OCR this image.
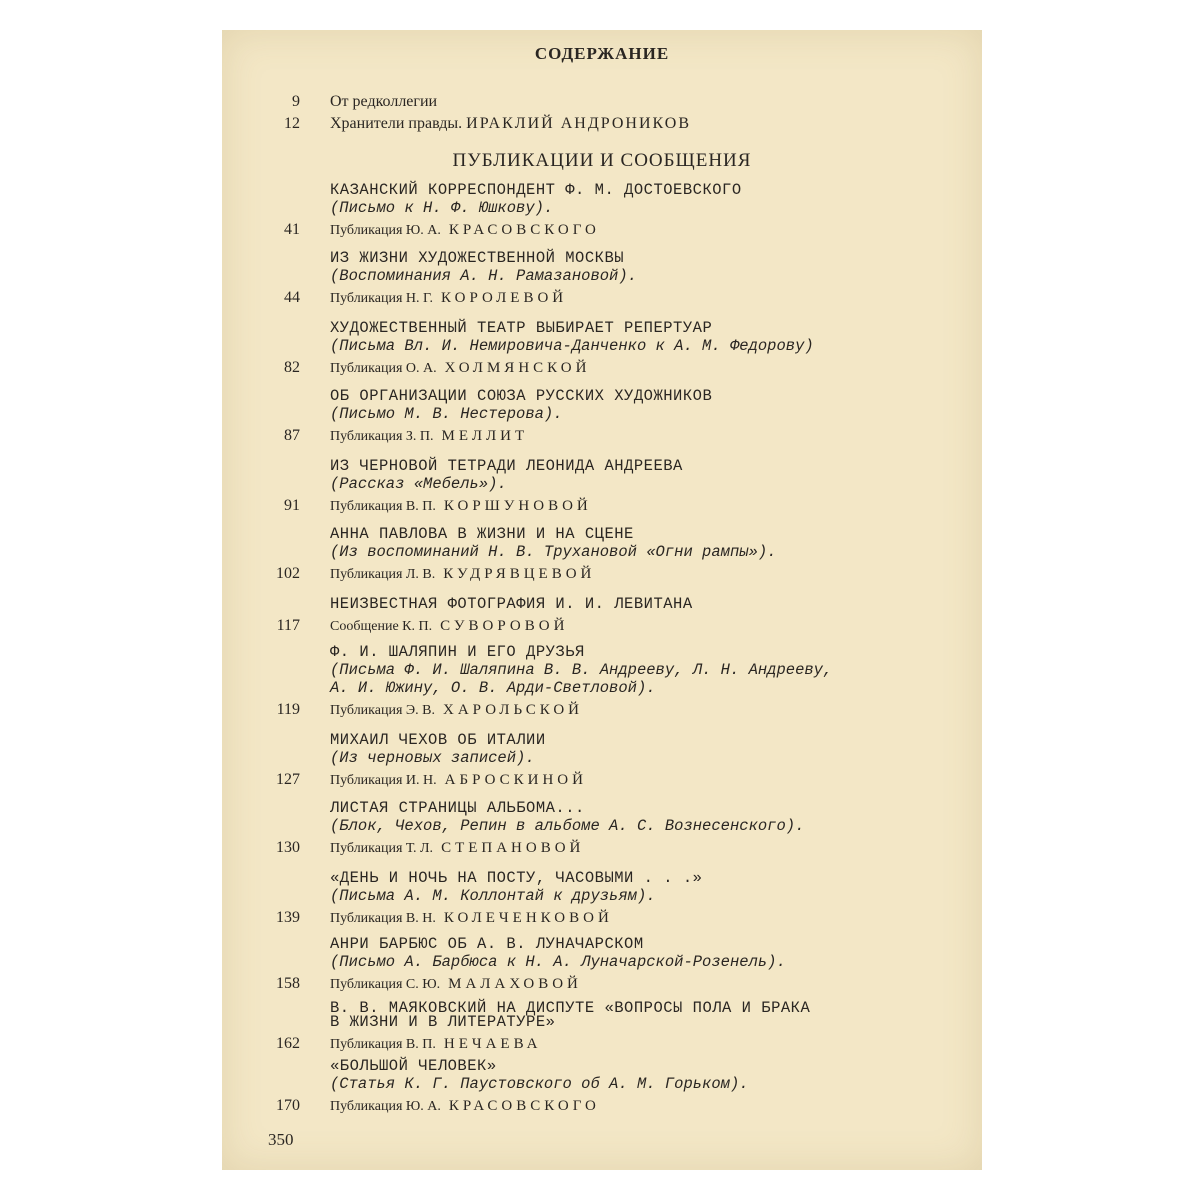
СОДЕРЖАНИЕ
9 От редколлегии
12 Хранители правды. ИРАКЛИЙ АНДРОНИКОВ
ПУБЛИКАЦИИ И СООБЩЕНИЯ
КАЗАНСКИЙ КОРРЕСПОНДЕНТ Ф. М. ДОСТОЕВСКОГО
(Письмо к Н. Ф. Юшкову).
41 Публикация Ю. А. КРАСОВСКОГО
ИЗ ЖИЗНИ ХУДОЖЕСТВЕННОЙ МОСКВЫ
(Воспоминания А. Н. Рамазановой).
44 Публикация Н. Г. КОРОЛЕВОЙ
ХУДОЖЕСТВЕННЫЙ ТЕАТР ВЫБИРАЕТ РЕПЕРТУАР
(Письма Вл. И. Немировича-Данченко к А. М. Федорову)
82 Публикация О. А. ХОЛМЯНСКОЙ
ОБ ОРГАНИЗАЦИИ СОЮЗА РУССКИХ ХУДОЖНИКОВ
(Письмо М. В. Нестерова).
87 Публикация З. П. МЕЛЛИТ
ИЗ ЧЕРНОВОЙ ТЕТРАДИ ЛЕОНИДА АНДРЕЕВА
(Рассказ «Мебель»).
91 Публикация В. П. КОРШУНОВОЙ
АННА ПАВЛОВА В ЖИЗНИ И НА СЦЕНЕ
(Из воспоминаний Н. В. Трухановой «Огни рампы»).
102 Публикация Л. В. КУДРЯВЦЕВОЙ
НЕИЗВЕСТНАЯ ФОТОГРАФИЯ И. И. ЛЕВИТАНА
117 Сообщение К. П. СУВОРОВОЙ
Ф. И. ШАЛЯПИН И ЕГО ДРУЗЬЯ
(Письма Ф. И. Шаляпина В. В. Андрееву, Л. Н. Андрееву,
А. И. Южину, О. В. Арди-Светловой).
119 Публикация Э. В. ХАРОЛЬСКОЙ
МИХАИЛ ЧЕХОВ ОБ ИТАЛИИ
(Из черновых записей).
127 Публикация И. Н. АБРОСКИНОЙ
ЛИСТАЯ СТРАНИЦЫ АЛЬБОМА...
(Блок, Чехов, Репин в альбоме А. С. Вознесенского).
130 Публикация Т. Л. СТЕПАНОВОЙ
«ДЕНЬ И НОЧЬ НА ПОСТУ, ЧАСОВЫМИ . . .»
(Письма А. М. Коллонтай к друзьям).
139 Публикация В. Н. КОЛЕЧЕНКОВОЙ
АНРИ БАРБЮС ОБ А. В. ЛУНАЧАРСКОМ
(Письмо А. Барбюса к Н. А. Луначарской-Розенель).
158 Публикация С. Ю. МАЛАХОВОЙ
В. В. МАЯКОВСКИЙ НА ДИСПУТЕ «ВОПРОСЫ ПОЛА И БРАКА
В ЖИЗНИ И В ЛИТЕРАТУРЕ»
162 Публикация В. П. НЕЧАЕВА
«БОЛЬШОЙ ЧЕЛОВЕК»
(Статья К. Г. Паустовского об А. М. Горьком).
170 Публикация Ю. А. КРАСОВСКОГО
350
